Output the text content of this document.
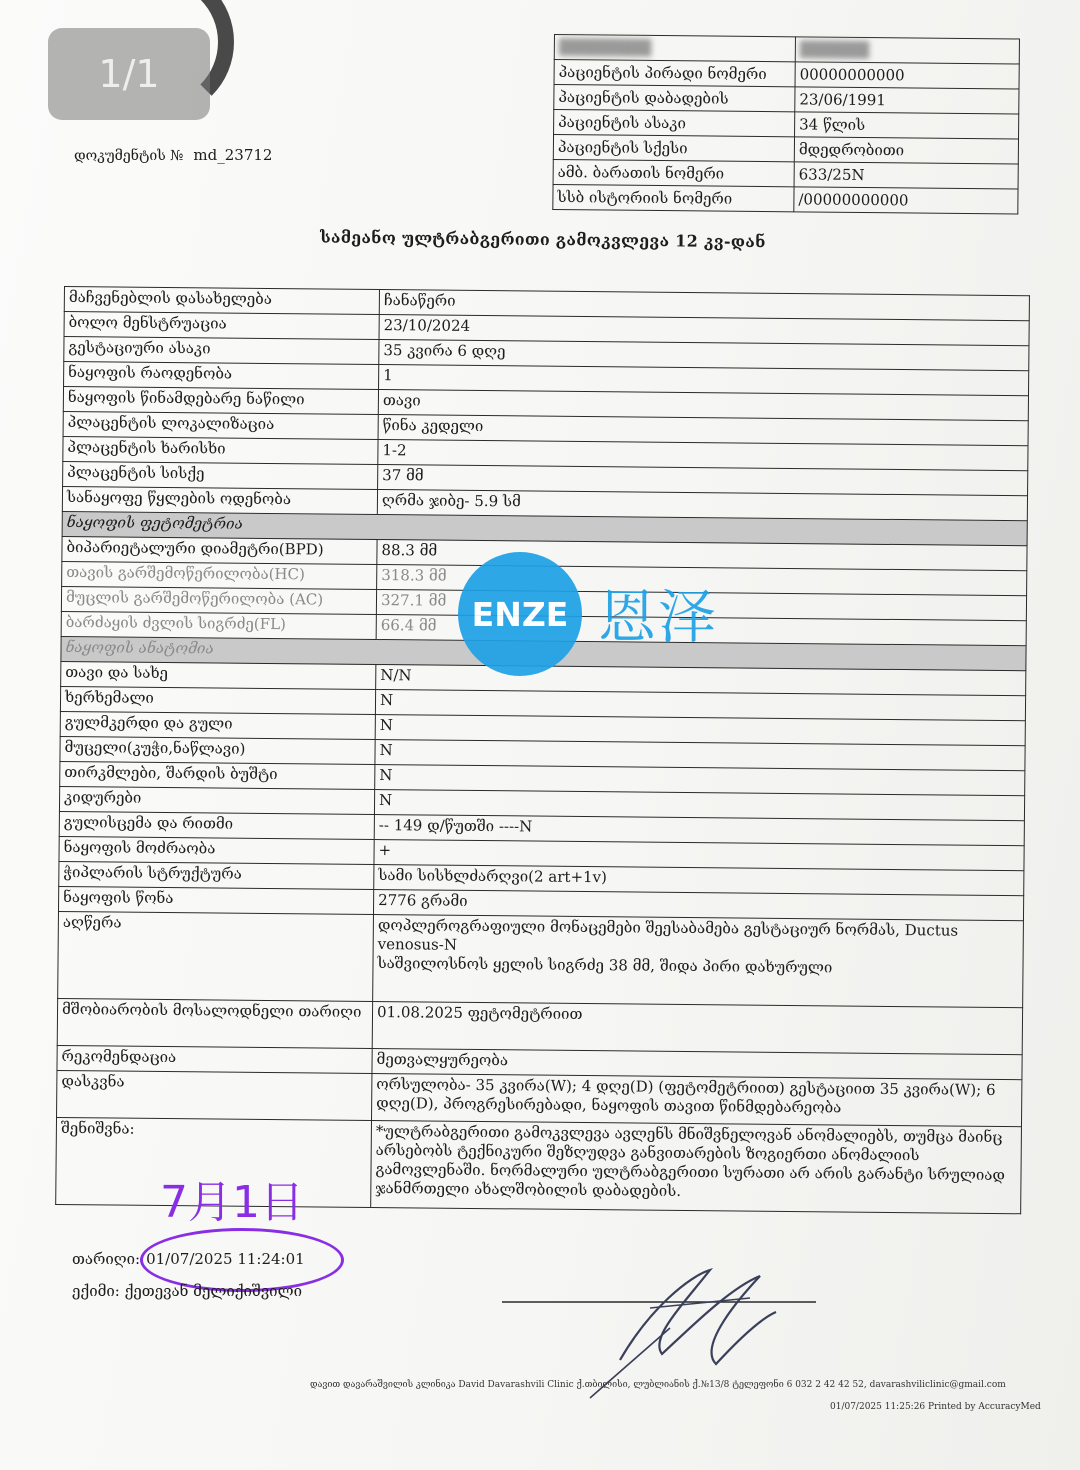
1/1
დოკუმენტის № md_23712
████████	██████
პაციენტის პირადი ნომერი	00000000000
პაციენტის დაბადების	23/06/1991
პაციენტის ასაკი	34 წლის
პაციენტის სქესი	მდედრობითი
ამბ. ბარათის ნომერი	633/25N
სსბ ისტორიის ნომერი	/00000000000
სამეანო ულტრაბგერითი გამოკვლევა 12 კვ-დან
მაჩვენებლის დასახელება	ჩანაწერი
ბოლო მენსტრუაცია	23/10/2024
გესტაციური ასაკი	35 კვირა 6 დღე
ნაყოფის რაოდენობა	1
ნაყოფის წინამდებარე ნაწილი	თავი
პლაცენტის ლოკალიზაცია	წინა კედელი
პლაცენტის ხარისხი	1-2
პლაცენტის სისქე	37 მმ
სანაყოფე წყლების ოდენობა	ღრმა ჯიბე- 5.9 სმ
ნაყოფის ფეტომეტრია	
ბიპარიეტალური დიამეტრი(BPD)	88.3 მმ
თავის გარშემოწერილობა(HC)	318.3 მმ
მუცლის გარშემოწერილობა (AC)	327.1 მმ
ბარძაყის ძვლის სიგრძე(FL)	66.4 მმ
ნაყოფის ანატომია	
თავი და სახე	N/N
ხერხემალი	N
გულმკერდი და გული	N
მუცელი(კუჭი,ნაწლავი)	N
თირკმლები, შარდის ბუშტი	N
კიდურები	N
გულისცემა და რითმი	-- 149 დ/წუთში ----N
ნაყოფის მოძრაობა	+
ჭიპლარის სტრუქტურა	სამი სისხლძარღვი(2 art+1v)
ნაყოფის წონა	2776 გრამი
აღწერა	დოპლეროგრაფიული მონაცემები შეესაბამება გესტაციურ ნორმას, Ductus venosus-N
საშვილოსნოს ყელის სიგრძე 38 მმ, შიდა პირი დახურული

მშობიარობის მოსალოდნელი თარიღი	01.08.2025 ფეტომეტრიით
რეკომენდაცია	მეთვალყურეობა
დასკვნა	ორსულობა- 35 კვირა(W); 4 დღე(D) (ფეტომეტრიით) გესტაციით 35 კვირა(W); 6 დღე(D), პროგრესირებადი, ნაყოფის თავით წინმდებარეობა
შენიშვნა:	*ულტრაბგერითი გამოკვლევა ავლენს მნიშვნელოვან ანომალიებს, თუმცა მაინც არსებობს ტექნიკური შეზღუდვა განვითარების ზოგიერთი ანომალიის გამოვლენაში. ნორმალური ულტრაბგერითი სურათი არ არის გარანტი სრულიად ჯანმრთელი ახალშობილის დაბადების.
ENZE 恩泽
7月1日
თარიღი: 01/07/2025 11:24:01
ექიმი: ქეთევან მელიქიშვილი
დავით დავარაშვილის კლინიკა David Davarashvili Clinic ქ.თბილისი, ლუბლიანის ქ.№13/8 ტელეფონი 6 032 2 42 42 52, davarashviliclinic@gmail.com
01/07/2025 11:25:26 Printed by AccuracyMed
